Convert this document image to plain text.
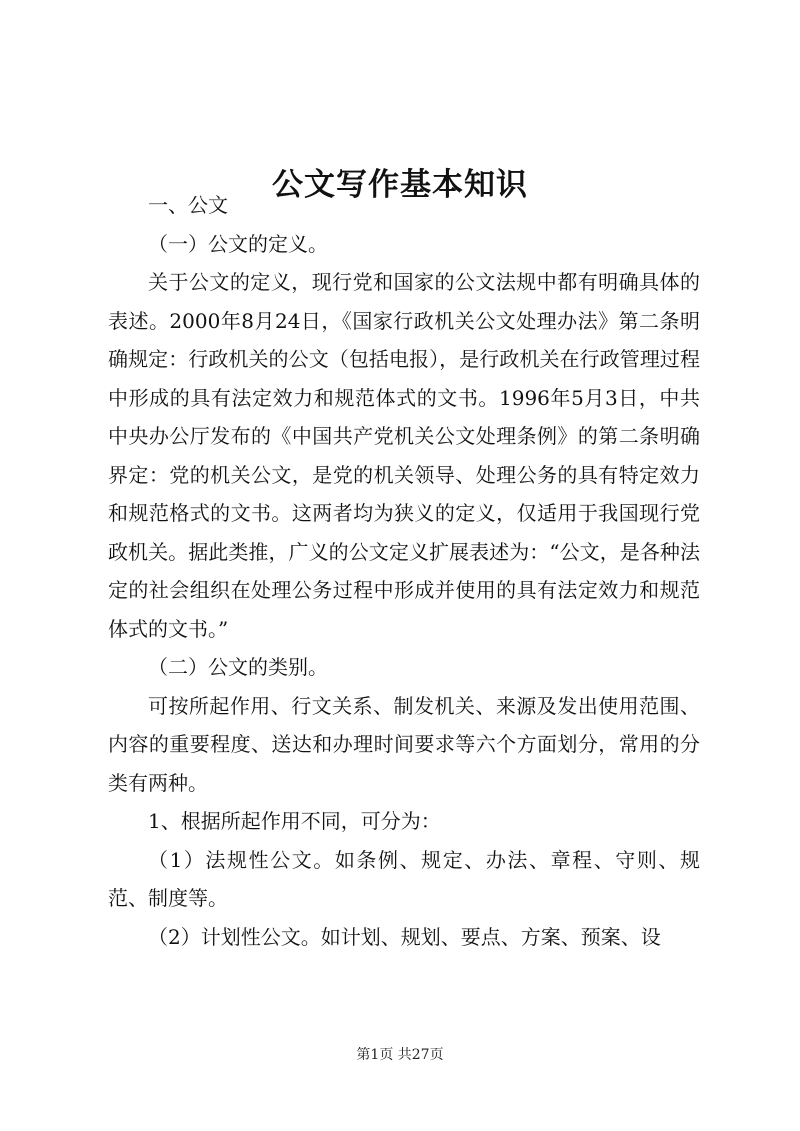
公文写作基本知识

一、公文

（一）公文的定义。

关于公文的定义，现行党和国家的公文法规中都有明确具体的表述。2000年8月24日，《国家行政机关公文处理办法》第二条明确规定：行政机关的公文（包括电报），是行政机关在行政管理过程中形成的具有法定效力和规范体式的文书。1996年5月3日，中共中央办公厅发布的《中国共产党机关公文处理条例》的第二条明确界定：党的机关公文，是党的机关领导、处理公务的具有特定效力和规范格式的文书。这两者均为狭义的定义，仅适用于我国现行党政机关。据此类推，广义的公文定义扩展表述为：“公文，是各种法定的社会组织在处理公务过程中形成并使用的具有法定效力和规范体式的文书。”

（二）公文的类别。

可按所起作用、行文关系、制发机关、来源及发出使用范围、内容的重要程度、送达和办理时间要求等六个方面划分，常用的分类有两种。

1、根据所起作用不同，可分为：

（1）法规性公文。如条例、规定、办法、章程、守则、规范、制度等。

（2）计划性公文。如计划、规划、要点、方案、预案、设

第1页 共27页
